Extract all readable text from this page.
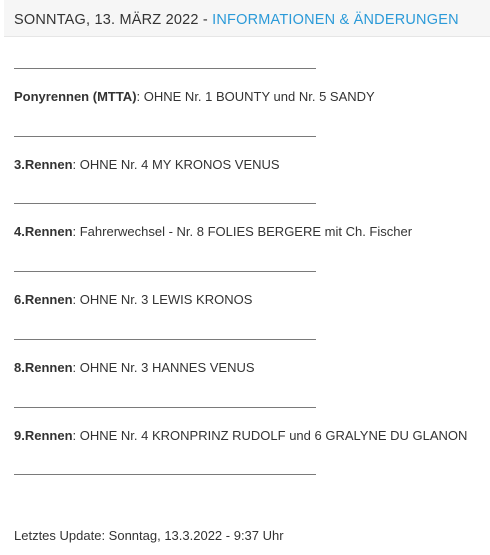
SONNTAG, 13. MÄRZ 2022 - INFORMATIONEN & ÄNDERUNGEN
Ponyrennen (MTTA): OHNE Nr. 1 BOUNTY und Nr. 5 SANDY
3.Rennen: OHNE Nr. 4 MY KRONOS VENUS
4.Rennen: Fahrerwechsel - Nr. 8 FOLIES BERGERE mit Ch. Fischer
6.Rennen: OHNE Nr. 3 LEWIS KRONOS
8.Rennen: OHNE Nr. 3 HANNES VENUS
9.Rennen: OHNE Nr. 4 KRONPRINZ RUDOLF und 6 GRALYNE DU GLANON
Letztes Update: Sonntag, 13.3.2022 - 9:37 Uhr
